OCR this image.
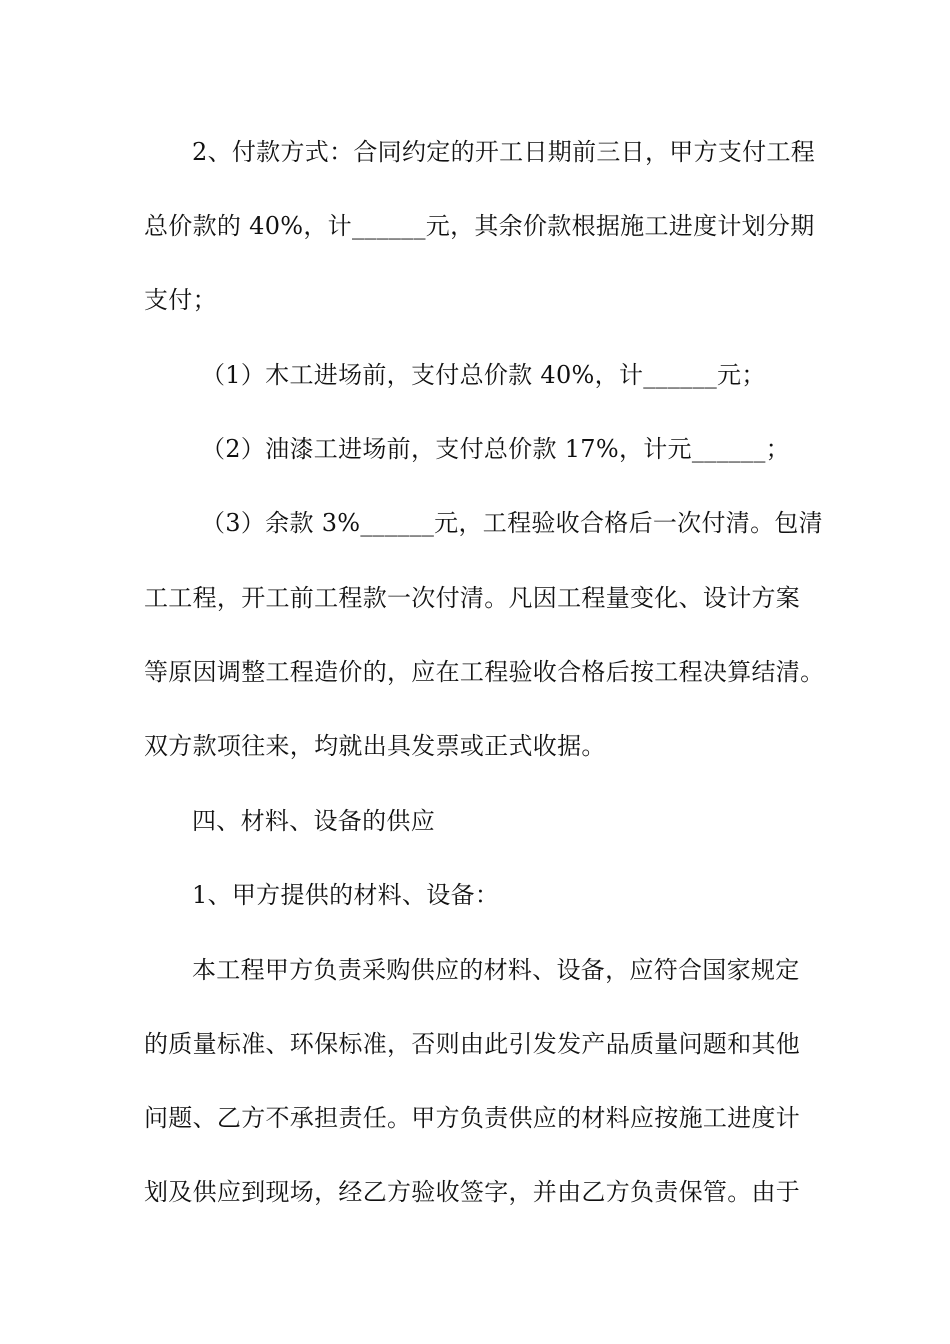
2、付款方式：合同约定的开工日期前三日，甲方支付工程
总价款的 40%，计______元，其余价款根据施工进度计划分期
支付；
（1）木工进场前，支付总价款 40%，计______元；
（2）油漆工进场前，支付总价款 17%，计元______；
（3）余款 3%______元，工程验收合格后一次付清。包清
工工程，开工前工程款一次付清。凡因工程量变化、设计方案
等原因调整工程造价的，应在工程验收合格后按工程决算结清。
双方款项往来，均就出具发票或正式收据。
四、材料、设备的供应
1、甲方提供的材料、设备：
本工程甲方负责采购供应的材料、设备，应符合国家规定
的质量标准、环保标准，否则由此引发发产品质量问题和其他
问题、乙方不承担责任。甲方负责供应的材料应按施工进度计
划及供应到现场，经乙方验收签字，并由乙方负责保管。由于
